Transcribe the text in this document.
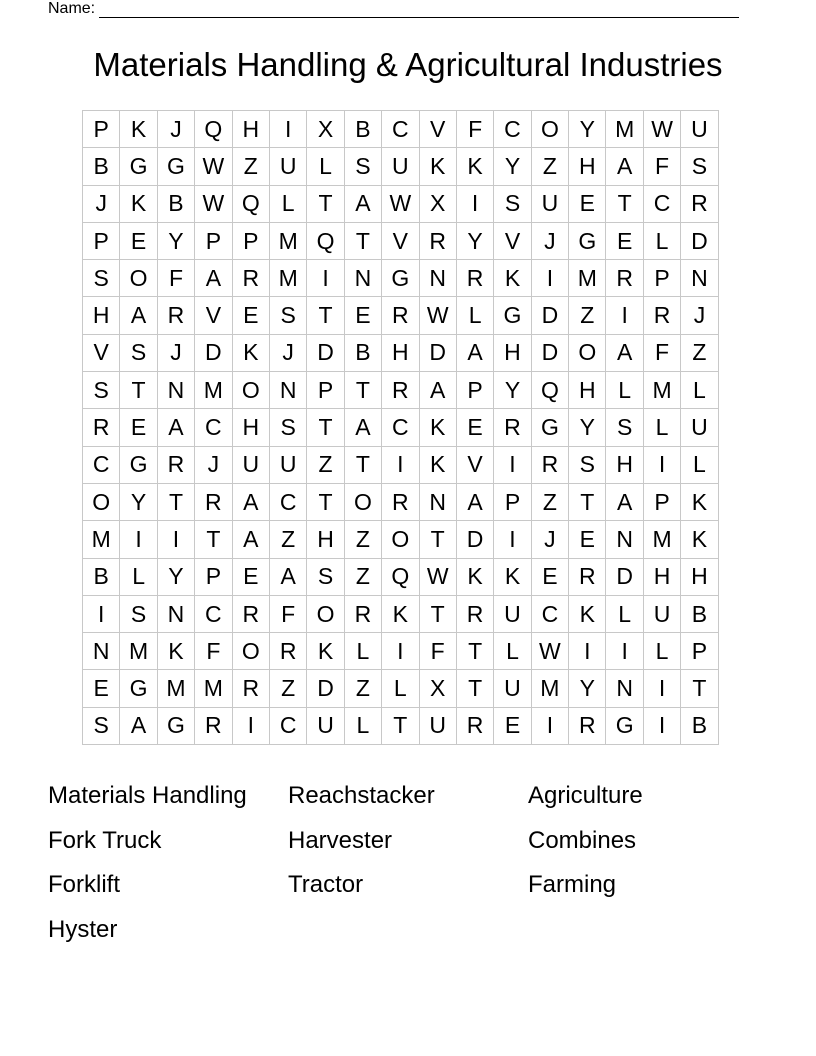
Name:
Materials Handling & Agricultural Industries
P	K	J	Q	H	I	X	B	C	V	F	C	O	Y	M	W	U
B	G	G	W	Z	U	L	S	U	K	K	Y	Z	H	A	F	S
J	K	B	W	Q	L	T	A	W	X	I	S	U	E	T	C	R
P	E	Y	P	P	M	Q	T	V	R	Y	V	J	G	E	L	D
S	O	F	A	R	M	I	N	G	N	R	K	I	M	R	P	N
H	A	R	V	E	S	T	E	R	W	L	G	D	Z	I	R	J
V	S	J	D	K	J	D	B	H	D	A	H	D	O	A	F	Z
S	T	N	M	O	N	P	T	R	A	P	Y	Q	H	L	M	L
R	E	A	C	H	S	T	A	C	K	E	R	G	Y	S	L	U
C	G	R	J	U	U	Z	T	I	K	V	I	R	S	H	I	L
O	Y	T	R	A	C	T	O	R	N	A	P	Z	T	A	P	K
M	I	I	T	A	Z	H	Z	O	T	D	I	J	E	N	M	K
B	L	Y	P	E	A	S	Z	Q	W	K	K	E	R	D	H	H
I	S	N	C	R	F	O	R	K	T	R	U	C	K	L	U	B
N	M	K	F	O	R	K	L	I	F	T	L	W	I	I	L	P
E	G	M	M	R	Z	D	Z	L	X	T	U	M	Y	N	I	T
S	A	G	R	I	C	U	L	T	U	R	E	I	R	G	I	B
Materials Handling	Reachstacker	Agriculture
Fork Truck	Harvester	Combines
Forklift	Tractor	Farming
Hyster
